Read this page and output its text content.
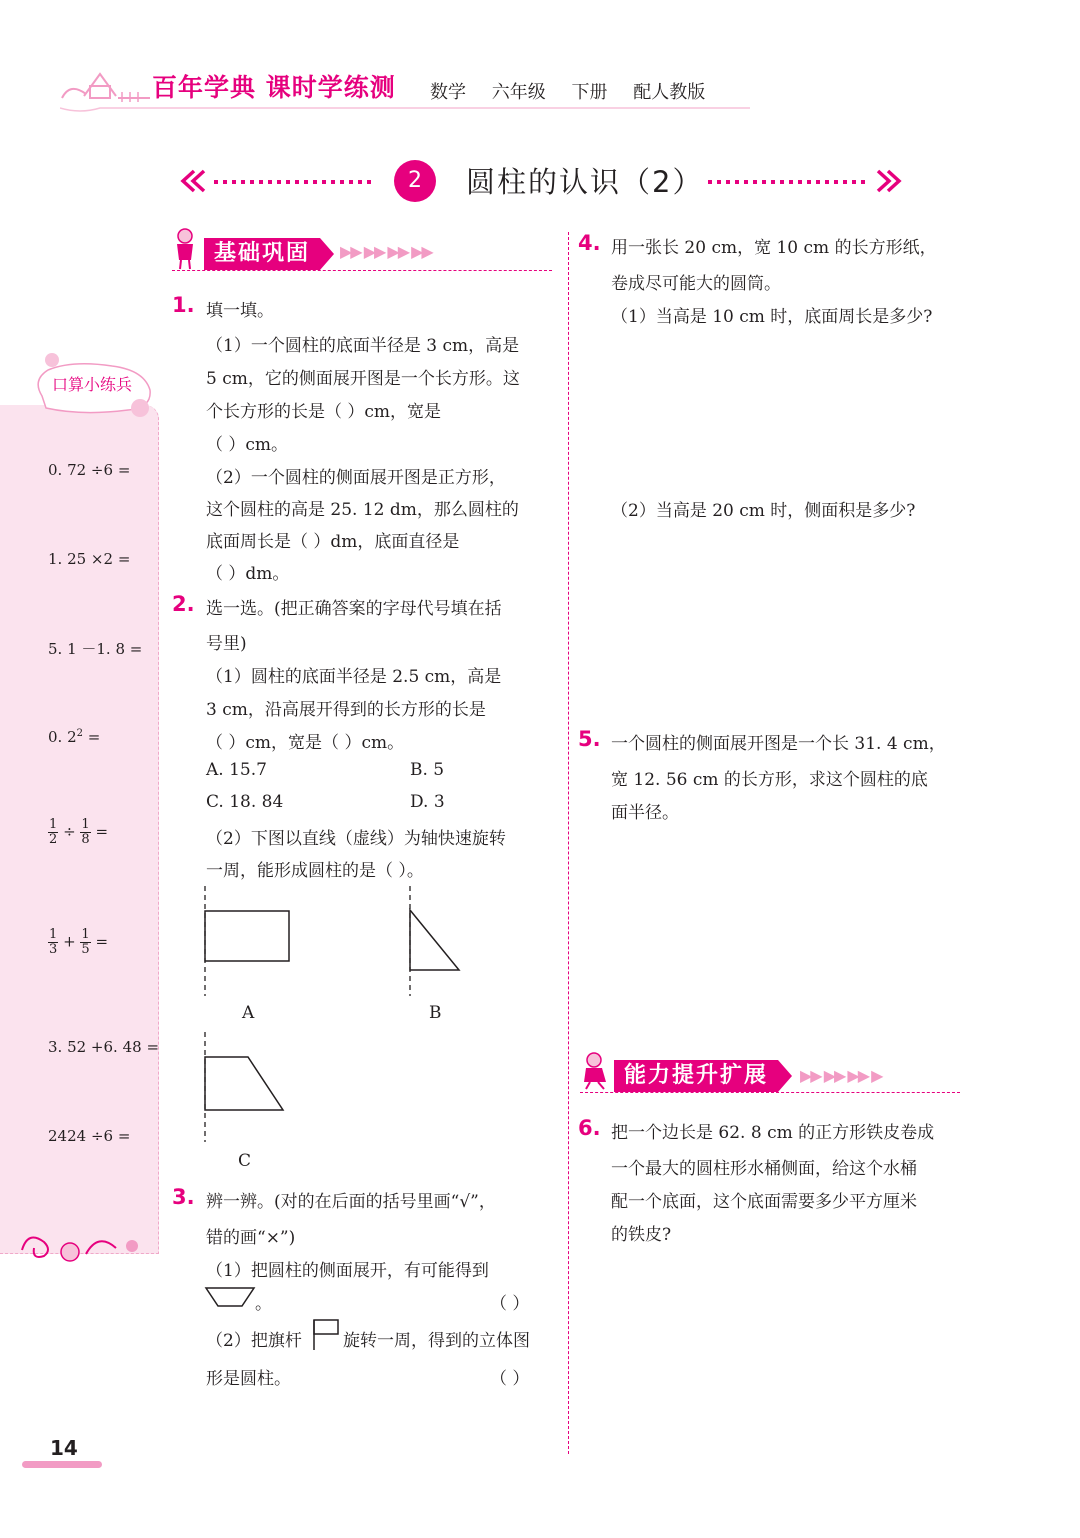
百年学典 课时学练测 数学 六年级 下册 配人教版
2	圆柱的认识（2）
口算小练兵
0. 72 ÷6 =
1. 25 ×2 =
5. 1 －1. 8 =
0. $2^2$ =
$\frac{1}{2} \div \frac{1}{8}$ =
$\frac{1}{3} + \frac{1}{5}$ =
3. 52 +6. 48 =
2424 ÷6 =
基础巩固	▶▶ ▶▶ ▶▶ ▶▶
1. 填一填。
（1）一个圆柱的底面半径是 3 cm，高是
5 cm，它的侧面展开图是一个长方形。这
个长方形的长是（ ）cm，宽是
（ ）cm。
（2）一个圆柱的侧面展开图是正方形，
这个圆柱的高是 25. 12 dm，那么圆柱的
底面周长是（ ）dm，底面直径是
（ ）dm。
2. 选一选。(把正确答案的字母代号填在括
号里)
（1）圆柱的底面半径是 2.5 cm，高是
3 cm，沿高展开得到的长方形的长是
（ ）cm，宽是（ ）cm。
A. 15.7	B. 5
C. 18. 84	D. 3
（2）下图以直线（虚线）为轴快速旋转
一周，能形成圆柱的是（ ）。
A	B
C
3. 辨一辨。(对的在后面的括号里画“√”，
错的画“×”)
（1）把圆柱的侧面展开，有可能得到
。	（ ）
（2）把旗杆 旋转一周，得到的立体图
形是圆柱。	（ ）
4. 用一张长 20 cm，宽 10 cm 的长方形纸，
卷成尽可能大的圆筒。
（1）当高是 10 cm 时，底面周长是多少?
（2）当高是 20 cm 时，侧面积是多少?
5. 一个圆柱的侧面展开图是一个长 31. 4 cm，
宽 12. 56 cm 的长方形，求这个圆柱的底
面半径。
能力提升扩展	▶▶ ▶▶ ▶▶ ▶
6. 把一个边长是 62. 8 cm 的正方形铁皮卷成
一个最大的圆柱形水桶侧面，给这个水桶
配一个底面，这个底面需要多少平方厘米
的铁皮?
14
